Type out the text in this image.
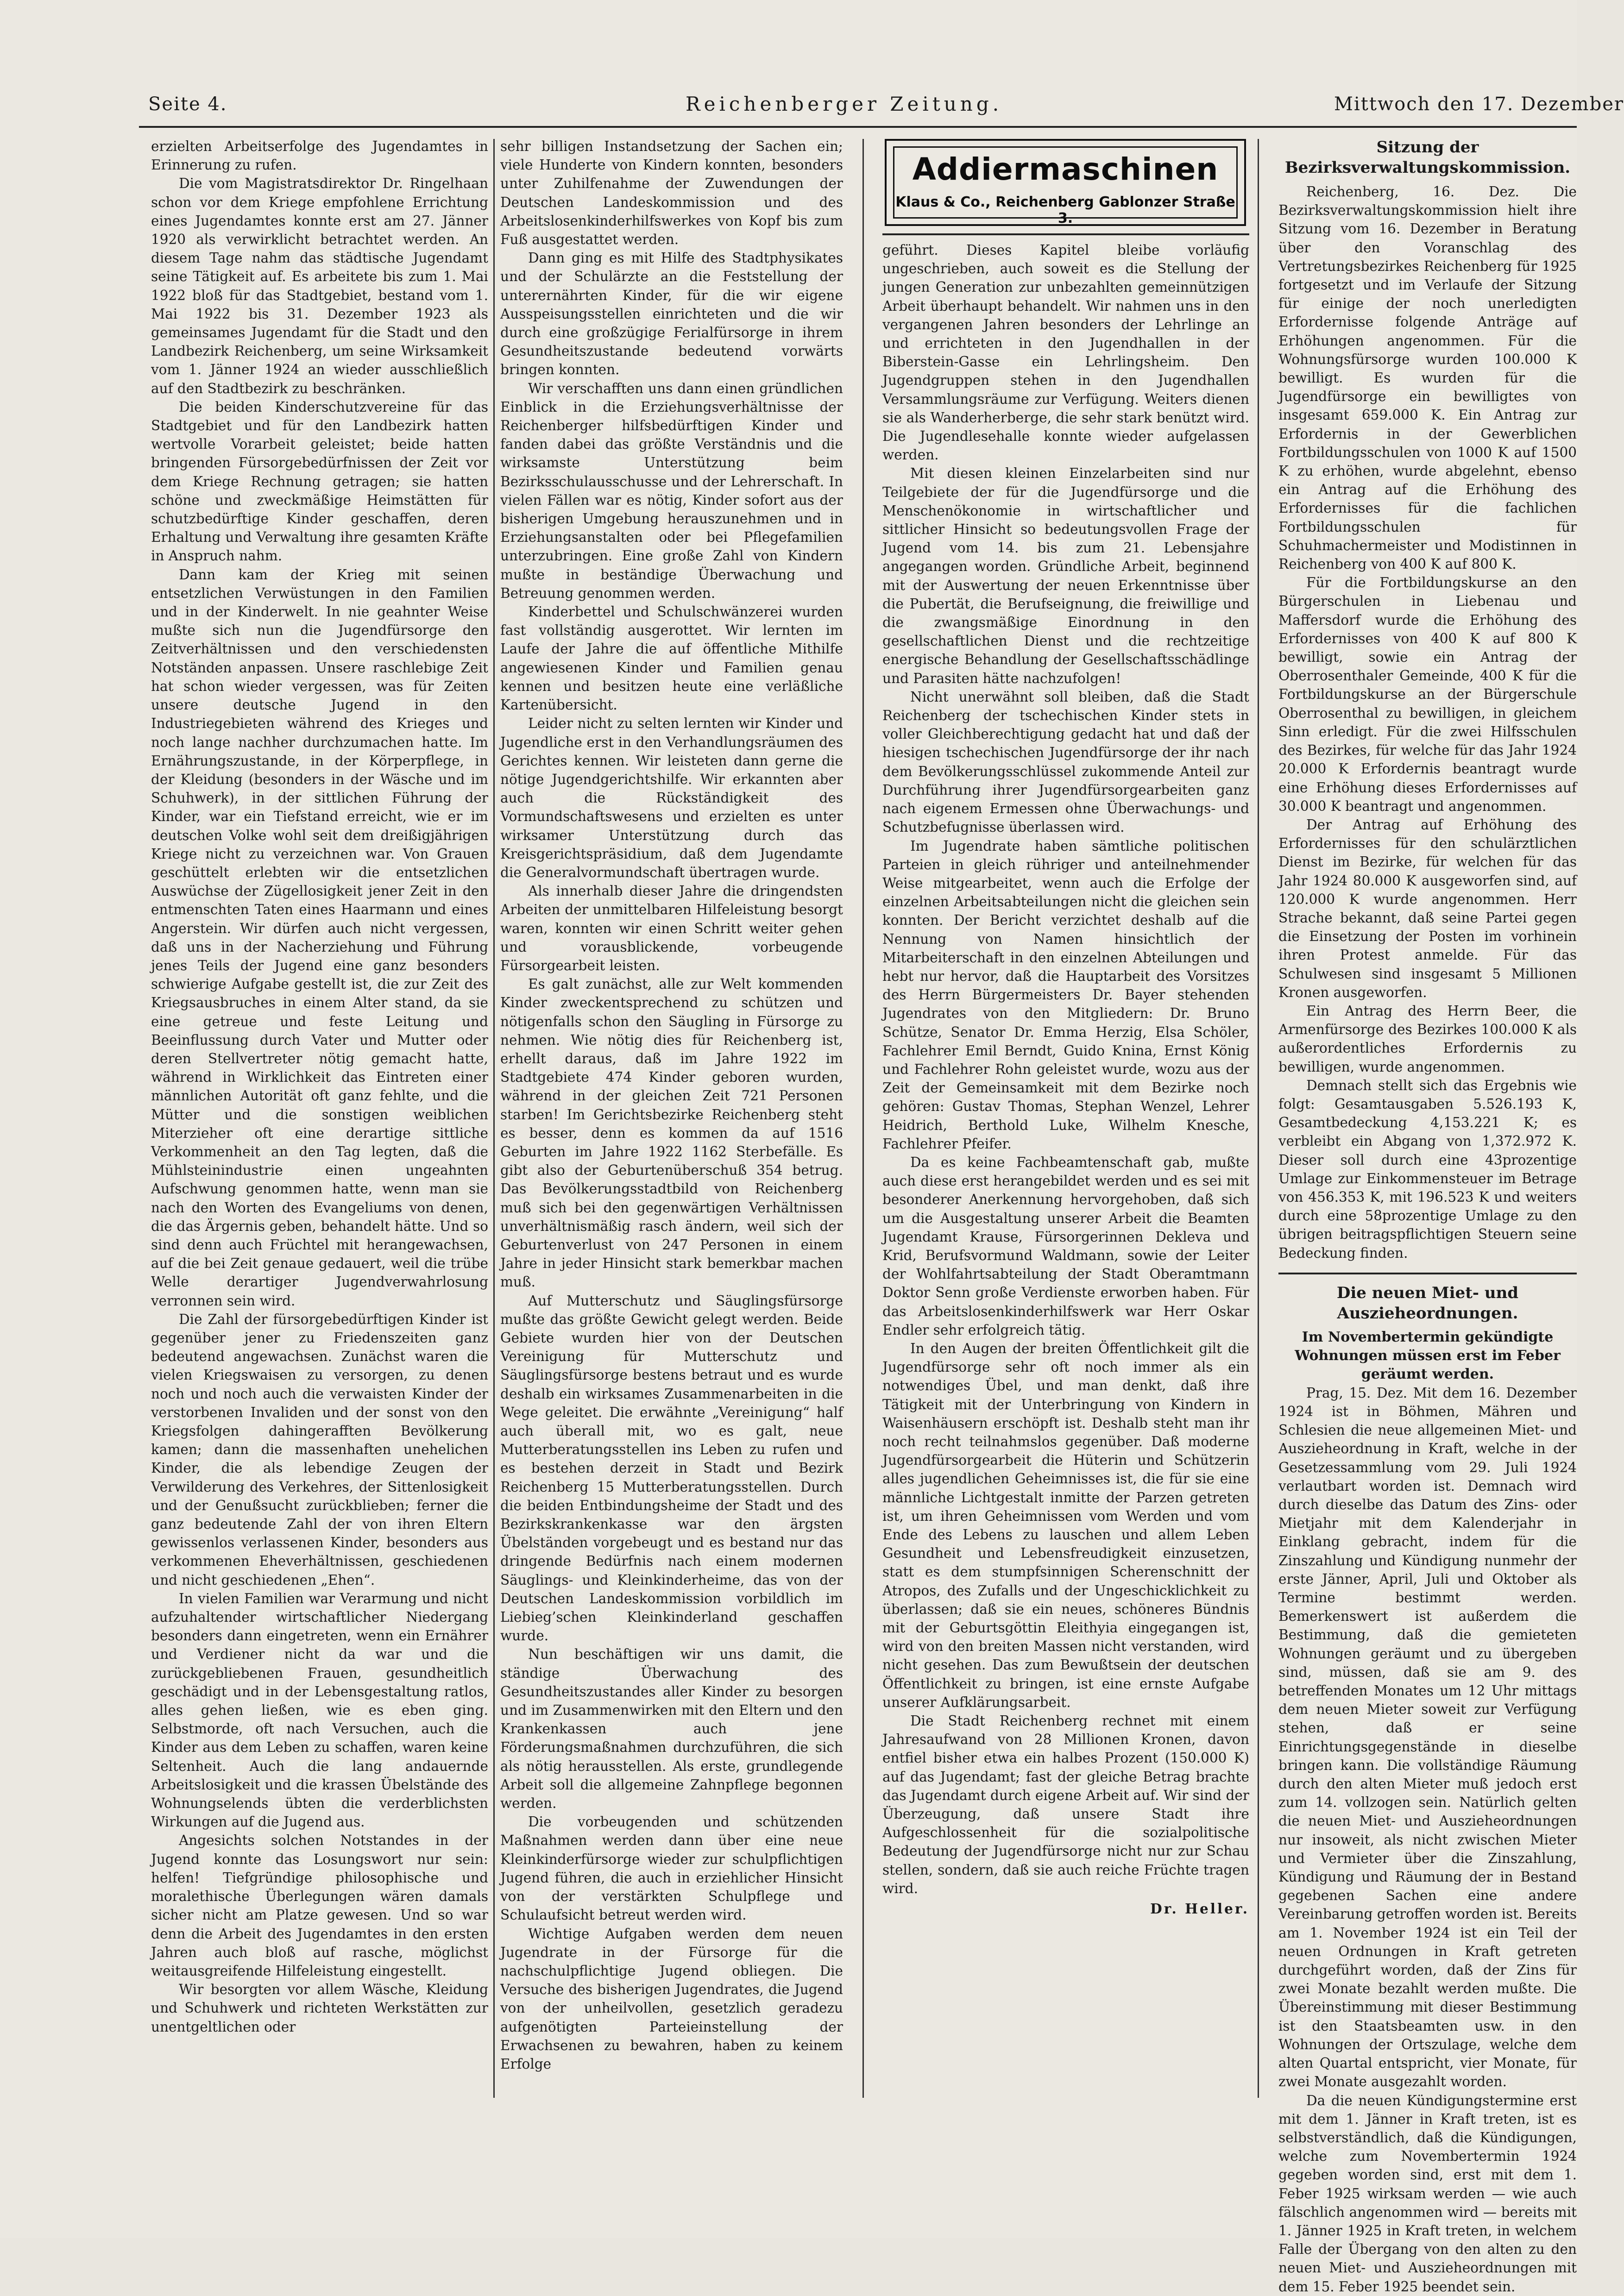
Seite 4.	Reichenberger Zeitung.	Mittwoch den 17. Dezember

erzielten Arbeitserfolge des Jugendamtes in Erinnerung zu rufen.

Die vom Magistratsdirektor Dr. Ringelhaan schon vor dem Kriege empfohlene Errichtung eines Jugendamtes konnte erst am 27. Jänner 1920 als verwirklicht betrachtet werden. An diesem Tage nahm das städtische Jugendamt seine Tätigkeit auf. Es arbeitete bis zum 1. Mai 1922 bloß für das Stadtgebiet, bestand vom 1. Mai 1922 bis 31. Dezember 1923 als gemeinsames Jugendamt für die Stadt und den Landbezirk Reichenberg, um seine Wirksamkeit vom 1. Jänner 1924 an wieder ausschließlich auf den Stadtbezirk zu beschränken.

Die beiden Kinderschutzvereine für das Stadtgebiet und für den Landbezirk hatten wertvolle Vorarbeit geleistet; beide hatten bringenden Fürsorgebedürfnissen der Zeit vor dem Kriege Rechnung getragen; sie hatten schöne und zweckmäßige Heimstätten für schutzbedürftige Kinder geschaffen, deren Erhaltung und Verwaltung ihre gesamten Kräfte in Anspruch nahm.

Dann kam der Krieg mit seinen entsetzlichen Verwüstungen in den Familien und in der Kinderwelt. In nie geahnter Weise mußte sich nun die Jugendfürsorge den Zeitverhältnissen und den verschiedensten Notständen anpassen. Unsere raschlebige Zeit hat schon wieder vergessen, was für Zeiten unsere deutsche Jugend in den Industriegebieten während des Krieges und noch lange nachher durchzumachen hatte. Im Ernährungszustande, in der Körperpflege, in der Kleidung (besonders in der Wäsche und im Schuhwerk), in der sittlichen Führung der Kinder, war ein Tiefstand erreicht, wie er im deutschen Volke wohl seit dem dreißigjährigen Kriege nicht zu verzeichnen war. Von Grauen geschüttelt erlebten wir die entsetzlichen Auswüchse der Zügellosigkeit jener Zeit in den entmenschten Taten eines Haarmann und eines Angerstein. Wir dürfen auch nicht vergessen, daß uns in der Nacherziehung und Führung jenes Teils der Jugend eine ganz besonders schwierige Aufgabe gestellt ist, die zur Zeit des Kriegsausbruches in einem Alter stand, da sie eine getreue und feste Leitung und Beeinflussung durch Vater und Mutter oder deren Stellvertreter nötig gemacht hatte, während in Wirklichkeit das Eintreten einer männlichen Autorität oft ganz fehlte, und die Mütter und die sonstigen weiblichen Miterzieher oft eine derartige sittliche Verkommenheit an den Tag legten, daß die Mühlsteinindustrie einen ungeahnten Aufschwung genommen hatte, wenn man sie nach den Worten des Evangeliums von denen, die das Ärgernis geben, behandelt hätte. Und so sind denn auch Früchtel mit herangewachsen, auf die bei Zeit genaue gedauert, weil die trübe Welle derartiger Jugendverwahrlosung verronnen sein wird.

Die Zahl der fürsorgebedürftigen Kinder ist gegenüber jener zu Friedenszeiten ganz bedeutend angewachsen. Zunächst waren die vielen Kriegswaisen zu versorgen, zu denen noch und noch auch die verwaisten Kinder der verstorbenen Invaliden und der sonst von den Kriegsfolgen dahingerafften Bevölkerung kamen; dann die massenhaften unehelichen Kinder, die als lebendige Zeugen der Verwilderung des Verkehres, der Sittenlosigkeit und der Genußsucht zurückblieben; ferner die ganz bedeutende Zahl der von ihren Eltern gewissenlos verlassenen Kinder, besonders aus verkommenen Eheverhältnissen, geschiedenen und nicht geschiedenen „Ehen“.

In vielen Familien war Verarmung und nicht aufzuhaltender wirtschaftlicher Niedergang besonders dann eingetreten, wenn ein Ernährer und Verdiener nicht da war und die zurückgebliebenen Frauen, gesundheitlich geschädigt und in der Lebensgestaltung ratlos, alles gehen ließen, wie es eben ging. Selbstmorde, oft nach Versuchen, auch die Kinder aus dem Leben zu schaffen, waren keine Seltenheit. Auch die lang andauernde Arbeitslosigkeit und die krassen Übelstände des Wohnungselends übten die verderblichsten Wirkungen auf die Jugend aus.

Angesichts solchen Notstandes in der Jugend konnte das Losungswort nur sein: helfen! Tiefgründige philosophische und moralethische Überlegungen wären damals sicher nicht am Platze gewesen. Und so war denn die Arbeit des Jugendamtes in den ersten Jahren auch bloß auf rasche, möglichst weitausgreifende Hilfeleistung eingestellt.

Wir besorgten vor allem Wäsche, Kleidung und Schuhwerk und richteten Werkstätten zur unentgeltlichen oder

sehr billigen Instandsetzung der Sachen ein; viele Hunderte von Kindern konnten, besonders unter Zuhilfenahme der Zuwendungen der Deutschen Landeskommission und des Arbeitslosenkinderhilfswerkes von Kopf bis zum Fuß ausgestattet werden.

Dann ging es mit Hilfe des Stadtphysikates und der Schulärzte an die Feststellung der unterernährten Kinder, für die wir eigene Ausspeisungsstellen einrichteten und die wir durch eine großzügige Ferialfürsorge in ihrem Gesundheitszustande bedeutend vorwärts bringen konnten.

Wir verschafften uns dann einen gründlichen Einblick in die Erziehungsverhältnisse der Reichenberger hilfsbedürftigen Kinder und fanden dabei das größte Verständnis und die wirksamste Unterstützung beim Bezirksschulausschusse und der Lehrerschaft. In vielen Fällen war es nötig, Kinder sofort aus der bisherigen Umgebung herauszunehmen und in Erziehungsanstalten oder bei Pflegefamilien unterzubringen. Eine große Zahl von Kindern mußte in beständige Überwachung und Betreuung genommen werden.

Kinderbettel und Schulschwänzerei wurden fast vollständig ausgerottet. Wir lernten im Laufe der Jahre die auf öffentliche Mithilfe angewiesenen Kinder und Familien genau kennen und besitzen heute eine verläßliche Kartenübersicht.

Leider nicht zu selten lernten wir Kinder und Jugendliche erst in den Verhandlungsräumen des Gerichtes kennen. Wir leisteten dann gerne die nötige Jugendgerichtshilfe. Wir erkannten aber auch die Rückständigkeit des Vormundschaftswesens und erzielten es unter wirksamer Unterstützung durch das Kreisgerichtspräsidium, daß dem Jugendamte die Generalvormundschaft übertragen wurde.

Als innerhalb dieser Jahre die dringendsten Arbeiten der unmittelbaren Hilfeleistung besorgt waren, konnten wir einen Schritt weiter gehen und vorausblickende, vorbeugende Fürsorgearbeit leisten.

Es galt zunächst, alle zur Welt kommenden Kinder zweckentsprechend zu schützen und nötigenfalls schon den Säugling in Fürsorge zu nehmen. Wie nötig dies für Reichenberg ist, erhellt daraus, daß im Jahre 1922 im Stadtgebiete 474 Kinder geboren wurden, während in der gleichen Zeit 721 Personen starben! Im Gerichtsbezirke Reichenberg steht es besser, denn es kommen da auf 1516 Geburten im Jahre 1922 1162 Sterbefälle. Es gibt also der Geburtenüberschuß 354 betrug. Das Bevölkerungsstadtbild von Reichenberg muß sich bei den gegenwärtigen Verhältnissen unverhältnismäßig rasch ändern, weil sich der Geburtenverlust von 247 Personen in einem Jahre in jeder Hinsicht stark bemerkbar machen muß.

Auf Mutterschutz und Säuglingsfürsorge mußte das größte Gewicht gelegt werden. Beide Gebiete wurden hier von der Deutschen Vereinigung für Mutterschutz und Säuglingsfürsorge bestens betraut und es wurde deshalb ein wirksames Zusammenarbeiten in die Wege geleitet. Die erwähnte „Vereinigung“ half auch überall mit, wo es galt, neue Mutterberatungsstellen ins Leben zu rufen und es bestehen derzeit in Stadt und Bezirk Reichenberg 15 Mutterberatungsstellen. Durch die beiden Entbindungsheime der Stadt und des Bezirkskrankenkasse war den ärgsten Übelständen vorgebeugt und es bestand nur das dringende Bedürfnis nach einem modernen Säuglings- und Kleinkinderheime, das von der Deutschen Landeskommission vorbildlich im Liebieg’schen Kleinkinderland geschaffen wurde.

Nun beschäftigen wir uns damit, die ständige Überwachung des Gesundheitszustandes aller Kinder zu besorgen und im Zusammenwirken mit den Eltern und den Krankenkassen auch jene Förderungsmaßnahmen durchzuführen, die sich als nötig herausstellen. Als erste, grundlegende Arbeit soll die allgemeine Zahnpflege begonnen werden.

Die vorbeugenden und schützenden Maßnahmen werden dann über eine neue Kleinkinderfürsorge wieder zur schulpflichtigen Jugend führen, die auch in erziehlicher Hinsicht von der verstärkten Schulpflege und Schulaufsicht betreut werden wird.

Wichtige Aufgaben werden dem neuen Jugendrate in der Fürsorge für die nachschulpflichtige Jugend obliegen. Die Versuche des bisherigen Jugendrates, die Jugend von der unheilvollen, gesetzlich geradezu aufgenötigten Parteieinstellung der Erwachsenen zu bewahren, haben zu keinem Erfolge

Addiermaschinen
Klaus & Co., Reichenberg Gablonzer Straße 3.

geführt. Dieses Kapitel bleibe vorläufig ungeschrieben, auch soweit es die Stellung der jungen Generation zur unbezahlten gemeinnützigen Arbeit überhaupt behandelt. Wir nahmen uns in den vergangenen Jahren besonders der Lehrlinge an und errichteten in den Jugendhallen in der Biberstein-Gasse ein Lehrlingsheim. Den Jugendgruppen stehen in den Jugendhallen Versammlungsräume zur Verfügung. Weiters dienen sie als Wanderherberge, die sehr stark benützt wird. Die Jugendlesehalle konnte wieder aufgelassen werden.

Mit diesen kleinen Einzelarbeiten sind nur Teilgebiete der für die Jugendfürsorge und die Menschenökonomie in wirtschaftlicher und sittlicher Hinsicht so bedeutungsvollen Frage der Jugend vom 14. bis zum 21. Lebensjahre angegangen worden. Gründliche Arbeit, beginnend mit der Auswertung der neuen Erkenntnisse über die Pubertät, die Berufseignung, die freiwillige und die zwangsmäßige Einordnung in den gesellschaftlichen Dienst und die rechtzeitige energische Behandlung der Gesellschaftsschädlinge und Parasiten hätte nachzufolgen!

Nicht unerwähnt soll bleiben, daß die Stadt Reichenberg der tschechischen Kinder stets in voller Gleichberechtigung gedacht hat und daß der hiesigen tschechischen Jugendfürsorge der ihr nach dem Bevölkerungsschlüssel zukommende Anteil zur Durchführung ihrer Jugendfürsorgearbeiten ganz nach eigenem Ermessen ohne Überwachungs- und Schutzbefugnisse überlassen wird.

Im Jugendrate haben sämtliche politischen Parteien in gleich rühriger und anteilnehmender Weise mitgearbeitet, wenn auch die Erfolge der einzelnen Arbeitsabteilungen nicht die gleichen sein konnten. Der Bericht verzichtet deshalb auf die Nennung von Namen hinsichtlich der Mitarbeiterschaft in den einzelnen Abteilungen und hebt nur hervor, daß die Hauptarbeit des Vorsitzes des Herrn Bürgermeisters Dr. Bayer stehenden Jugendrates von den Mitgliedern: Dr. Bruno Schütze, Senator Dr. Emma Herzig, Elsa Schöler, Fachlehrer Emil Berndt, Guido Knina, Ernst König und Fachlehrer Rohn geleistet wurde, wozu aus der Zeit der Gemeinsamkeit mit dem Bezirke noch gehören: Gustav Thomas, Stephan Wenzel, Lehrer Heidrich, Berthold Luke, Wilhelm Knesche, Fachlehrer Pfeifer.

Da es keine Fachbeamtenschaft gab, mußte auch diese erst herangebildet werden und es sei mit besonderer Anerkennung hervorgehoben, daß sich um die Ausgestaltung unserer Arbeit die Beamten Jugendamt Krause, Fürsorgerinnen Dekleva und Krid, Berufsvormund Waldmann, sowie der Leiter der Wohlfahrtsabteilung der Stadt Oberamtmann Doktor Senn große Verdienste erworben haben. Für das Arbeitslosenkinderhilfswerk war Herr Oskar Endler sehr erfolgreich tätig.

In den Augen der breiten Öffentlichkeit gilt die Jugendfürsorge sehr oft noch immer als ein notwendiges Übel, und man denkt, daß ihre Tätigkeit mit der Unterbringung von Kindern in Waisenhäusern erschöpft ist. Deshalb steht man ihr noch recht teilnahmslos gegenüber. Daß moderne Jugendfürsorgearbeit die Hüterin und Schützerin alles jugendlichen Geheimnisses ist, die für sie eine männliche Lichtgestalt inmitte der Parzen getreten ist, um ihren Geheimnissen vom Werden und vom Ende des Lebens zu lauschen und allem Leben Gesundheit und Lebensfreudigkeit einzusetzen, statt es dem stumpfsinnigen Scherenschnitt der Atropos, des Zufalls und der Ungeschicklichkeit zu überlassen; daß sie ein neues, schöneres Bündnis mit der Geburtsgöttin Eleithyia eingegangen ist, wird von den breiten Massen nicht verstanden, wird nicht gesehen. Das zum Bewußtsein der deutschen Öffentlichkeit zu bringen, ist eine ernste Aufgabe unserer Aufklärungsarbeit.

Die Stadt Reichenberg rechnet mit einem Jahresaufwand von 28 Millionen Kronen, davon entfiel bisher etwa ein halbes Prozent (150.000 K) auf das Jugendamt; fast der gleiche Betrag brachte das Jugendamt durch eigene Arbeit auf. Wir sind der Überzeugung, daß unsere Stadt ihre Aufgeschlossenheit für die sozialpolitische Bedeutung der Jugendfürsorge nicht nur zur Schau stellen, sondern, daß sie auch reiche Früchte tragen wird.

Dr. Heller.
Sitzung der Bezirksverwaltungskommission.

Reichenberg, 16. Dez. Die Bezirksverwaltungskommission hielt ihre Sitzung vom 16. Dezember in Beratung über den Voranschlag des Vertretungsbezirkes Reichenberg für 1925 fortgesetzt und im Verlaufe der Sitzung für einige der noch unerledigten Erfordernisse folgende Anträge auf Erhöhungen angenommen. Für die Wohnungsfürsorge wurden 100.000 K bewilligt. Es wurden für die Jugendfürsorge ein bewilligtes von insgesamt 659.000 K. Ein Antrag zur Erfordernis in der Gewerblichen Fortbildungsschulen von 1000 K auf 1500 K zu erhöhen, wurde abgelehnt, ebenso ein Antrag auf die Erhöhung des Erfordernisses für die fachlichen Fortbildungsschulen für Schuhmachermeister und Modistinnen in Reichenberg von 400 K auf 800 K.

Für die Fortbildungskurse an den Bürgerschulen in Liebenau und Maffersdorf wurde die Erhöhung des Erfordernisses von 400 K auf 800 K bewilligt, sowie ein Antrag der Oberrosenthaler Gemeinde, 400 K für die Fortbildungskurse an der Bürgerschule Oberrosenthal zu bewilligen, in gleichem Sinn erledigt. Für die zwei Hilfsschulen des Bezirkes, für welche für das Jahr 1924 20.000 K Erfordernis beantragt wurde eine Erhöhung dieses Erfordernisses auf 30.000 K beantragt und angenommen.

Der Antrag auf Erhöhung des Erfordernisses für den schulärztlichen Dienst im Bezirke, für welchen für das Jahr 1924 80.000 K ausgeworfen sind, auf 120.000 K wurde angenommen. Herr Strache bekannt, daß seine Partei gegen die Einsetzung der Posten im vorhinein ihren Protest anmelde. Für das Schulwesen sind insgesamt 5 Millionen Kronen ausgeworfen.

Ein Antrag des Herrn Beer, die Armenfürsorge des Bezirkes 100.000 K als außerordentliches Erfordernis zu bewilligen, wurde angenommen.

Demnach stellt sich das Ergebnis wie folgt: Gesamtausgaben 5.526.193 K, Gesamtbedeckung 4,153.221 K; es verbleibt ein Abgang von 1,372.972 K. Dieser soll durch eine 43prozentige Umlage zur Einkommensteuer im Betrage von 456.353 K, mit 196.523 K und weiters durch eine 58prozentige Umlage zu den übrigen beitragspflichtigen Steuern seine Bedeckung finden.

Die neuen Miet- und Auszieheordnungen.
Im Novembertermin gekündigte Wohnungen müssen erst im Feber geräumt werden.

Prag, 15. Dez. Mit dem 16. Dezember 1924 ist in Böhmen, Mähren und Schlesien die neue allgemeinen Miet- und Auszieheordnung in Kraft, welche in der Gesetzessammlung vom 29. Juli 1924 verlautbart worden ist. Demnach wird durch dieselbe das Datum des Zins- oder Mietjahr mit dem Kalenderjahr in Einklang gebracht, indem für die Zinszahlung und Kündigung nunmehr der erste Jänner, April, Juli und Oktober als Termine bestimmt werden. Bemerkenswert ist außerdem die Bestimmung, daß die gemieteten Wohnungen geräumt und zu übergeben sind, müssen, daß sie am 9. des betreffenden Monates um 12 Uhr mittags dem neuen Mieter soweit zur Verfügung stehen, daß er seine Einrichtungsgegenstände in dieselbe bringen kann. Die vollständige Räumung durch den alten Mieter muß jedoch erst zum 14. vollzogen sein. Natürlich gelten die neuen Miet- und Auszieheordnungen nur insoweit, als nicht zwischen Mieter und Vermieter über die Zinszahlung, Kündigung und Räumung der in Bestand gegebenen Sachen eine andere Vereinbarung getroffen worden ist. Bereits am 1. November 1924 ist ein Teil der neuen Ordnungen in Kraft getreten durchgeführt worden, daß der Zins für zwei Monate bezahlt werden mußte. Die Übereinstimmung mit dieser Bestimmung ist den Staatsbeamten usw. in den Wohnungen der Ortszulage, welche dem alten Quartal entspricht, vier Monate, für zwei Monate ausgezahlt worden.

Da die neuen Kündigungstermine erst mit dem 1. Jänner in Kraft treten, ist es selbstverständlich, daß die Kündigungen, welche zum Novembertermin 1924 gegeben worden sind, erst mit dem 1. Feber 1925 wirksam werden — wie auch fälschlich angenommen wird — bereits mit 1. Jänner 1925 in Kraft treten, in welchem Falle der Übergang von den alten zu den neuen Miet- und Auszieheordnungen mit dem 15. Feber 1925 beendet sein.
